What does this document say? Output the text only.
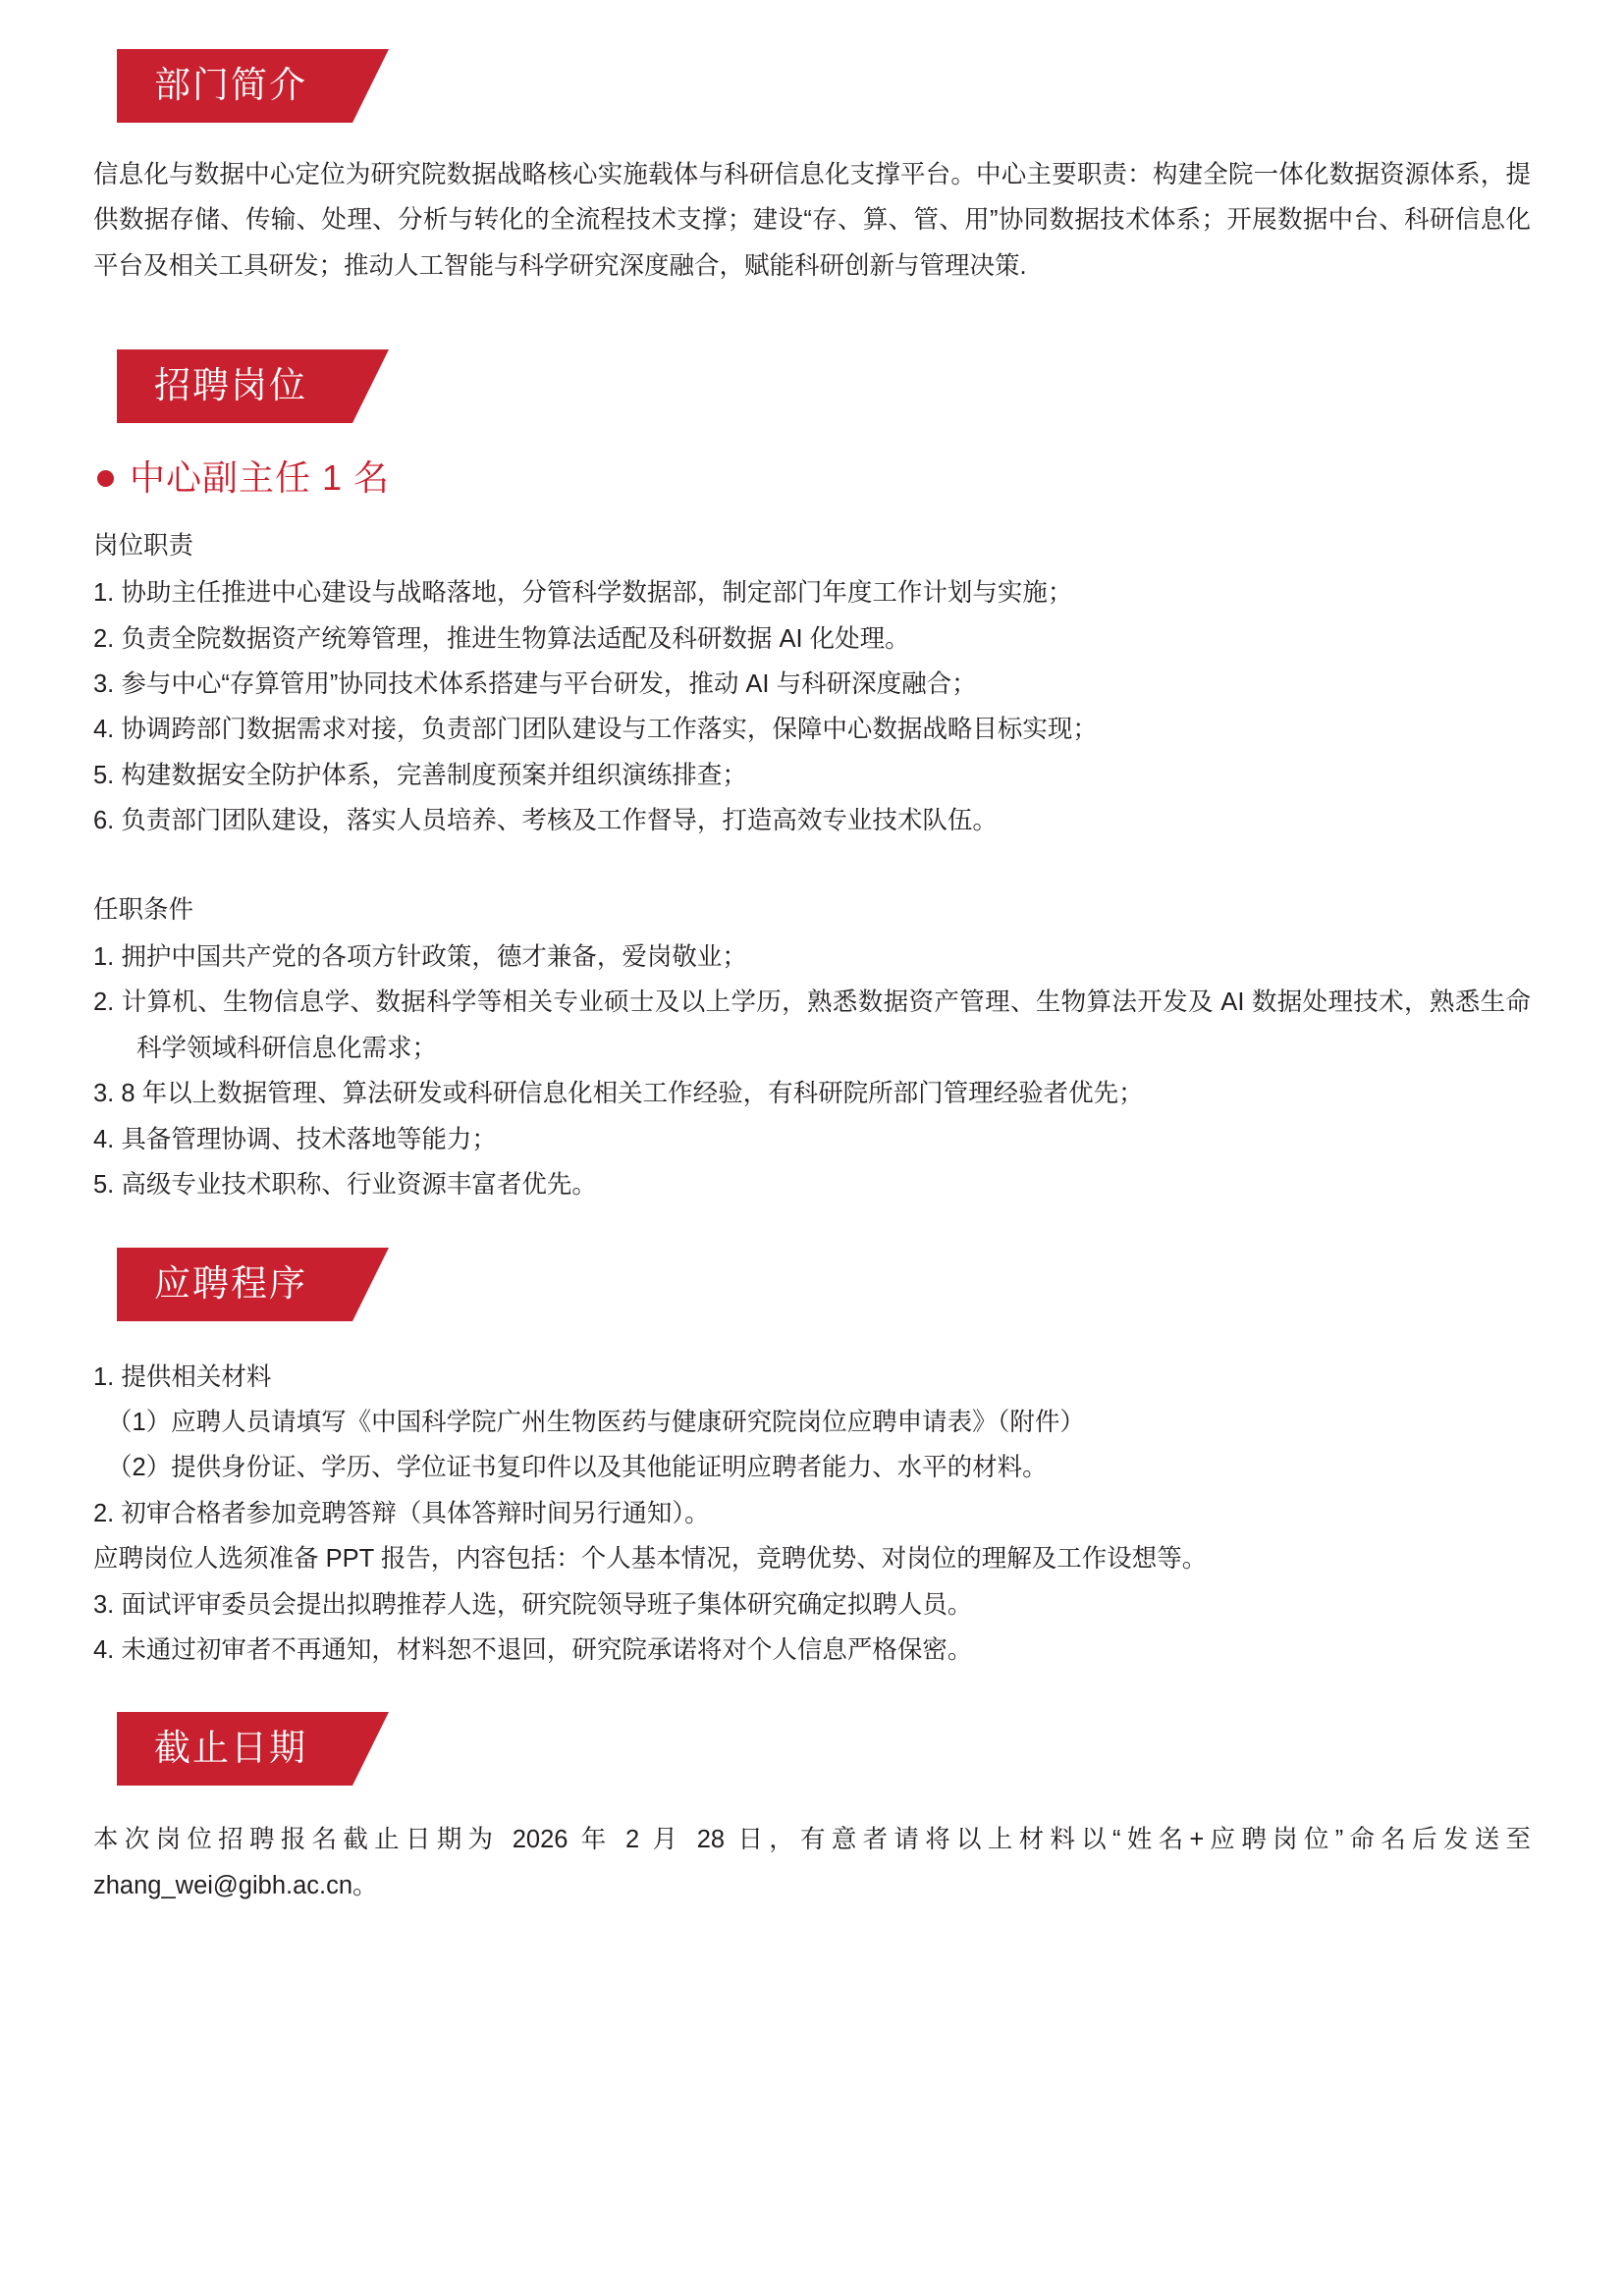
部门简介

信息化与数据中心定位为研究院数据战略核心实施载体与科研信息化支撑平台。中心主要职责：构建全院一体化数据资源体系，提供数据存储、传输、处理、分析与转化的全流程技术支撑；建设“存、算、管、用”协同数据技术体系；开展数据中台、科研信息化平台及相关工具研发；推动人工智能与科学研究深度融合，赋能科研创新与管理决策.

招聘岗位
中心副主任 1 名

岗位职责

1. 协助主任推进中心建设与战略落地，分管科学数据部，制定部门年度工作计划与实施；
2. 负责全院数据资产统筹管理，推进生物算法适配及科研数据 AI 化处理。
3. 参与中心“存算管用”协同技术体系搭建与平台研发，推动 AI 与科研深度融合；
4. 协调跨部门数据需求对接，负责部门团队建设与工作落实，保障中心数据战略目标实现；
5. 构建数据安全防护体系，完善制度预案并组织演练排查；
6. 负责部门团队建设，落实人员培养、考核及工作督导，打造高效专业技术队伍。

任职条件

1. 拥护中国共产党的各项方针政策，德才兼备，爱岗敬业；
2. 计算机、生物信息学、数据科学等相关专业硕士及以上学历，熟悉数据资产管理、生物算法开发及 AI 数据处理技术，熟悉生命科学领域科研信息化需求；
3. 8 年以上数据管理、算法研发或科研信息化相关工作经验，有科研院所部门管理经验者优先；
4. 具备管理协调、技术落地等能力；
5. 高级专业技术职称、行业资源丰富者优先。
应聘程序

1. 提供相关材料

（1）应聘人员请填写《中国科学院广州生物医药与健康研究院岗位应聘申请表》（附件）

（2）提供身份证、学历、学位证书复印件以及其他能证明应聘者能力、水平的材料。

2. 初审合格者参加竞聘答辩（具体答辩时间另行通知）。

应聘岗位人选须准备 PPT 报告，内容包括：个人基本情况，竞聘优势、对岗位的理解及工作设想等。

3. 面试评审委员会提出拟聘推荐人选，研究院领导班子集体研究确定拟聘人员。

4. 未通过初审者不再通知，材料恕不退回，研究院承诺将对个人信息严格保密。

截止日期

本次岗位招聘报名截止日期为 2026 年 2 月 28 日，有意者请将以上材料以“姓名+应聘岗位”命名后发送至 zhang_wei@gibh.ac.cn。
